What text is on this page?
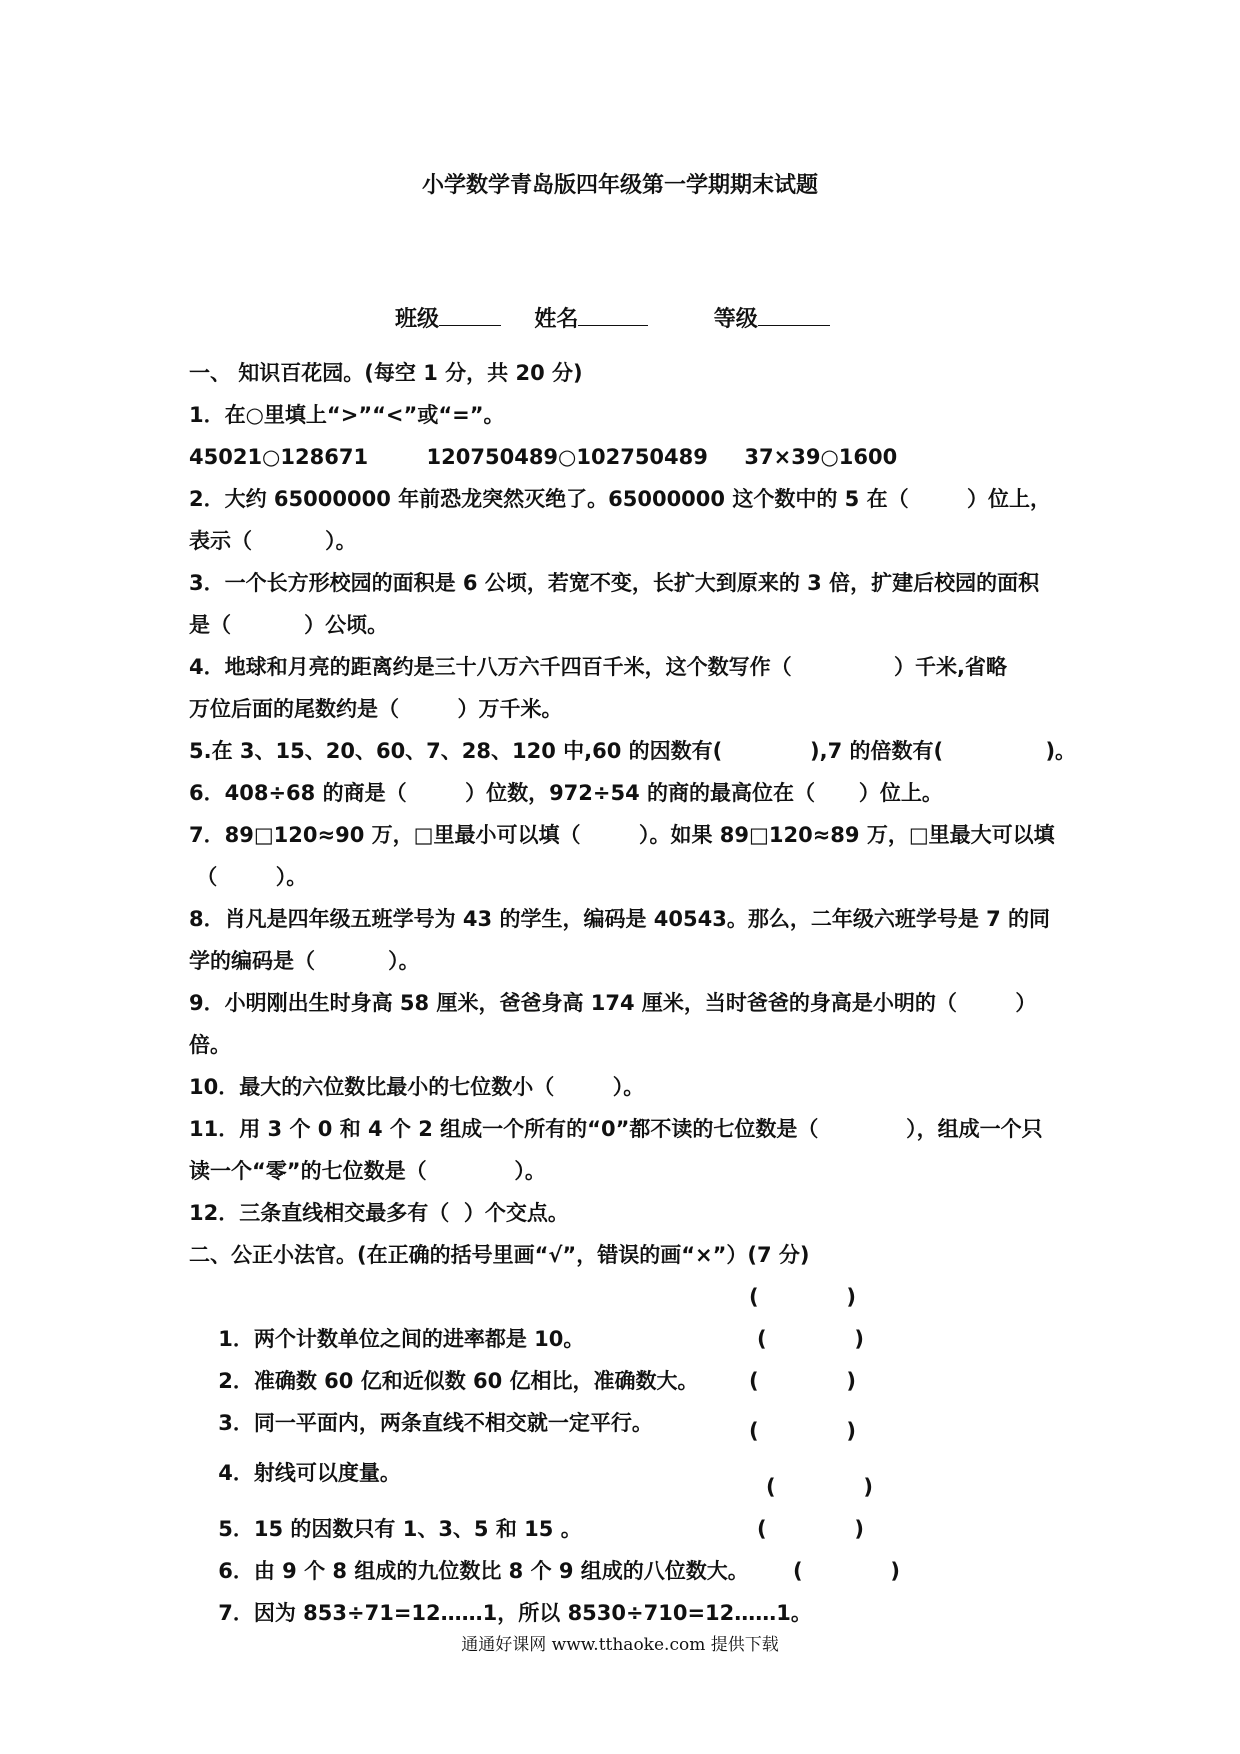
小学数学青岛版四年级第一学期期末试题
班级	姓名	等级
一、 知识百花园。(每空 1 分，共 20 分)
1．在○里填上“>”“<”或“=”。
45021○128671        120750489○102750489     37×39○1600
2．大约 65000000 年前恐龙突然灭绝了。65000000 这个数中的 5 在（        ）位上，
表示（          ）。
3．一个长方形校园的面积是 6 公顷，若宽不变，长扩大到原来的 3 倍，扩建后校园的面积
是（          ）公顷。
4．地球和月亮的距离约是三十八万六千四百千米，这个数写作（              ）千米,省略
万位后面的尾数约是（        ）万千米。
5.在 3、15、20、60、7、28、120 中,60 的因数有(            ),7 的倍数有(              )。
6．408÷68 的商是（        ）位数，972÷54 的商的最高位在（      ）位上。
7．89□120≈90 万，□里最小可以填（        ）。如果 89□120≈89 万，□里最大可以填
（        ）。
8．肖凡是四年级五班学号为 43 的学生，编码是 40543。那么，二年级六班学号是 7 的同
学的编码是（          ）。
9．小明刚出生时身高 58 厘米，爸爸身高 174 厘米，当时爸爸的身高是小明的（        ）
倍。
10．最大的六位数比最小的七位数小（        ）。
11．用 3 个 0 和 4 个 2 组成一个所有的“0”都不读的七位数是（            ），组成一个只
读一个“零”的七位数是（            ）。
12．三条直线相交最多有（  ）个交点。
二、公正小法官。(在正确的括号里画“√”，错误的画“×”）(7 分)

1．两个计数单位之间的进率都是 10。

(            )

2．准确数 60 亿和近似数 60 亿相比，准确数大。

(            )

3．同一平面内，两条直线不相交就一定平行。

(            )

4．射线可以度量。

(            )

5．15 的因数只有 1、3、5 和 15 。

(            )

6．由 9 个 8 组成的九位数比 8 个 9 组成的八位数大。

(            )

7．因为 853÷71=12……1，所以 8530÷710=12……1。

(            )

通通好课网 www.tthaoke.com 提供下载
